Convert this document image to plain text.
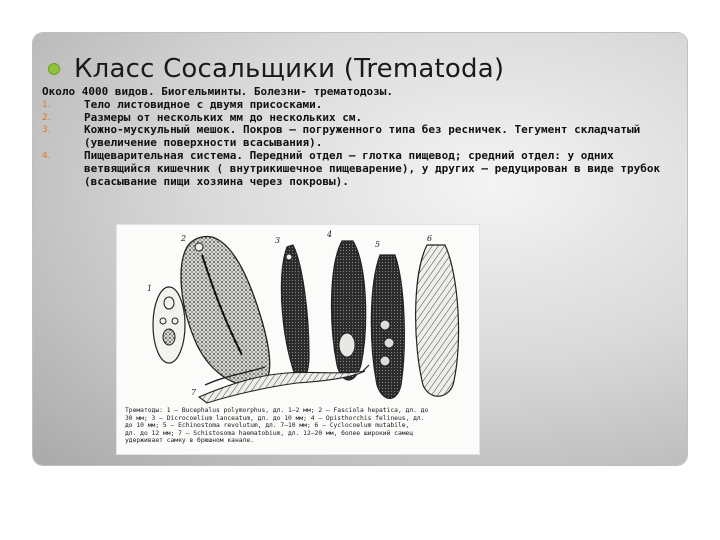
Класс Сосальщики (Trematoda)
Около 4000 видов. Биогельминты. Болезни- трематодозы.
1.	Тело листовидное с двумя присосками.
2.	Размеры от нескольких мм до нескольких см.
3.	Кожно-мускульный мешок. Покров – погруженного типа без ресничек. Тегумент складчатый (увеличение поверхности всасывания).
4.	Пищеварительная система. Передний отдел – глотка пищевод; средний отдел: у одних ветвящийся кишечник ( внутрикишечное пищеварение), у других – редуцирован в виде трубок (всасывание пищи хозяина через покровы).
1
2	3
4
5
6
7
Трематоды: 1 — Bucephalus polymorphus, дл. 1—2 мм; 2 — Fasciola hepatica, дл. до
30 мм; 3 — Dicrocoelium lanceatum, дл. до 10 мм; 4 — Opisthorchis felineus, дл.
до 10 мм; 5 — Echinostoma revolutum, дл. 7—10 мм; 6 — Cyclocoelum mutabile,
дл. до 12 мм; 7 — Schistosoma haematobium, дл. 12—20 мм, более широкий самец
удерживает самку в брюшном канале.
